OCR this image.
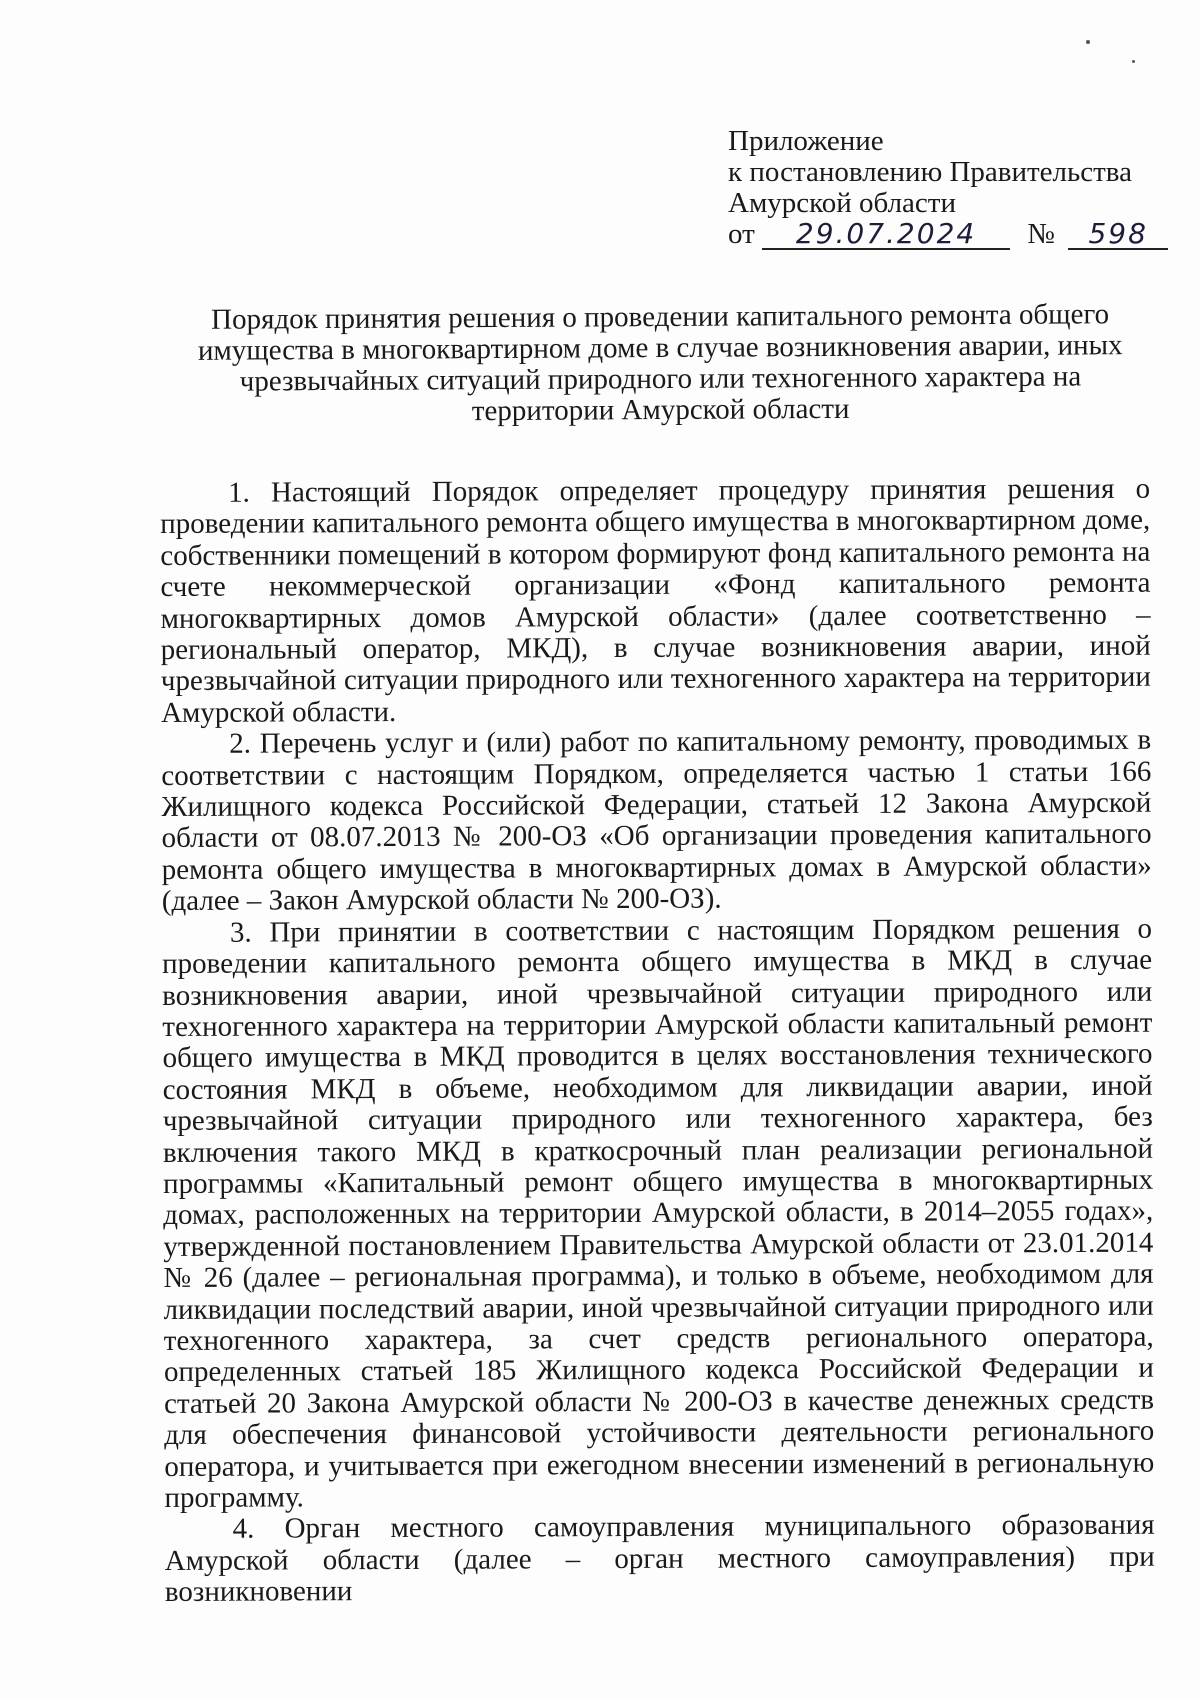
Приложение
к постановлению Правительства
Амурской области
от 29.07.2024 № 598
Порядок принятия решения о проведении капитального ремонта общего имущества в многоквартирном доме в случае возникновения аварии, иных чрезвычайных ситуаций природного или техногенного характера на территории Амурской области

1. Настоящий Порядок определяет процедуру принятия решения о проведении капитального ремонта общего имущества в многоквартирном доме, собственники помещений в котором формируют фонд капитального ремонта на счете некоммерческой организации «Фонд капитального ремонта многоквартирных домов Амурской области» (далее соответственно – региональный оператор, МКД), в случае возникновения аварии, иной чрезвычайной ситуации природного или техногенного характера на территории Амурской области.

2. Перечень услуг и (или) работ по капитальному ремонту, проводимых в соответствии с настоящим Порядком, определяется частью 1 статьи 166 Жилищного кодекса Российской Федерации, статьей 12 Закона Амурской области от 08.07.2013 № 200-ОЗ «Об организации проведения капитального ремонта общего имущества в многоквартирных домах в Амурской области» (далее – Закон Амурской области № 200-ОЗ).

3. При принятии в соответствии с настоящим Порядком решения о проведении капитального ремонта общего имущества в МКД в случае возникновения аварии, иной чрезвычайной ситуации природного или техногенного характера на территории Амурской области капитальный ремонт общего имущества в МКД проводится в целях восстановления технического состояния МКД в объеме, необходимом для ликвидации аварии, иной чрезвычайной ситуации природного или техногенного характера, без включения такого МКД в краткосрочный план реализации региональной программы «Капитальный ремонт общего имущества в многоквартирных домах, расположенных на территории Амурской области, в 2014–2055 годах», утвержденной постановлением Правительства Амурской области от 23.01.2014 № 26 (далее – региональная программа), и только в объеме, необходимом для ликвидации последствий аварии, иной чрезвычайной ситуации природного или техногенного характера, за счет средств регионального оператора, определенных статьей 185 Жилищного кодекса Российской Федерации и статьей 20 Закона Амурской области № 200-ОЗ в качестве денежных средств для обеспечения финансовой устойчивости деятельности регионального оператора, и учитывается при ежегодном внесении изменений в региональную программу.

4. Орган местного самоуправления муниципального образования Амурской области (далее – орган местного самоуправления) при возникновении
